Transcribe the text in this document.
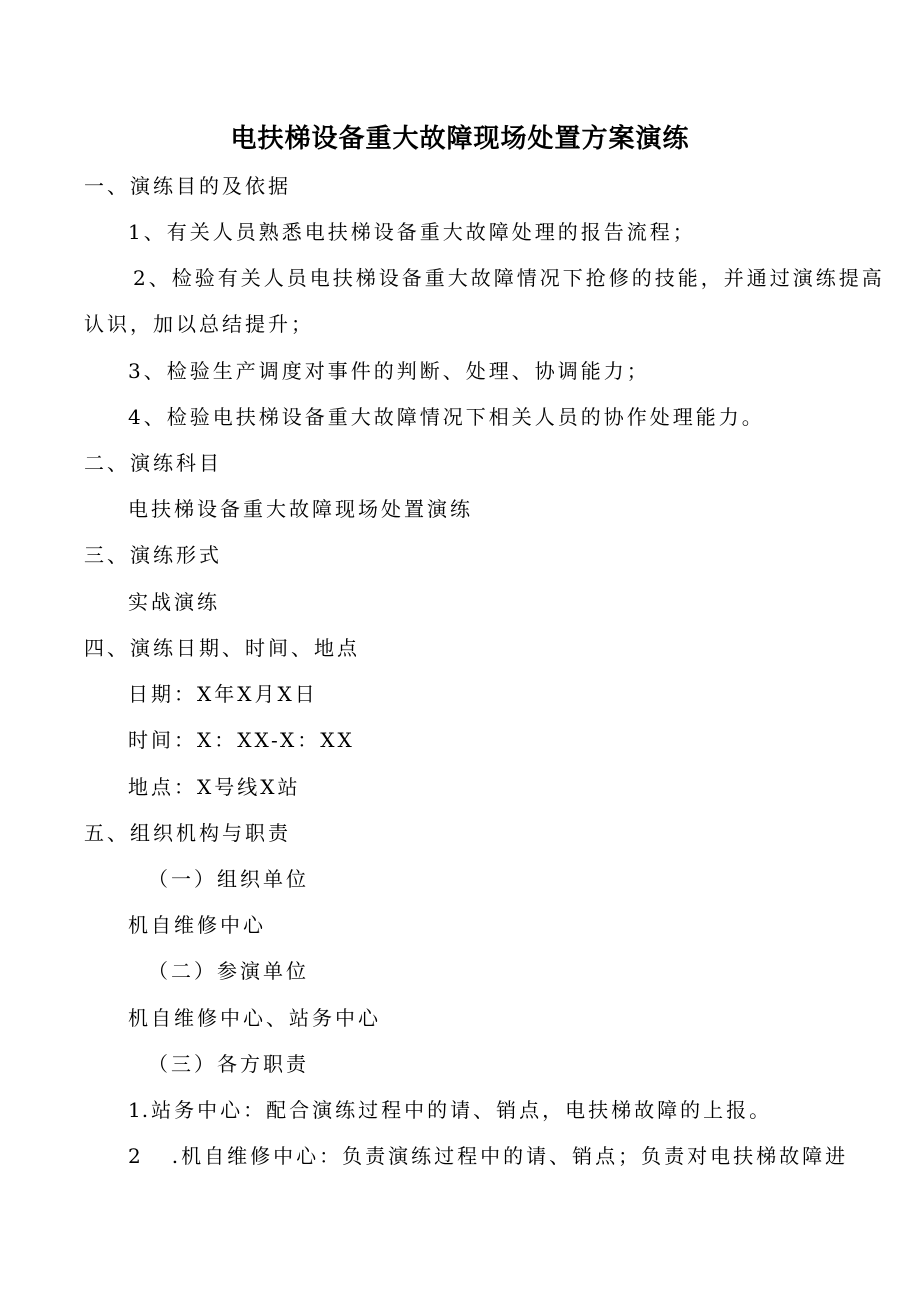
电扶梯设备重大故障现场处置方案演练
一、演练目的及依据
1、有关人员熟悉电扶梯设备重大故障处理的报告流程；
2、检验有关人员电扶梯设备重大故障情况下抢修的技能，并通过演练提高
认识，加以总结提升；
3、检验生产调度对事件的判断、处理、协调能力；
4、检验电扶梯设备重大故障情况下相关人员的协作处理能力。
二、演练科目
电扶梯设备重大故障现场处置演练
三、演练形式
实战演练
四、演练日期、时间、地点
日期：X年X月X日
时间：X：XX-X：XX
地点：X号线X站
五、组织机构与职责
（一）组织单位
机自维修中心
（二）参演单位
机自维修中心、站务中心
（三）各方职责
1.站务中心：配合演练过程中的请、销点，电扶梯故障的上报。
2 .机自维修中心：负责演练过程中的请、销点；负责对电扶梯故障进
